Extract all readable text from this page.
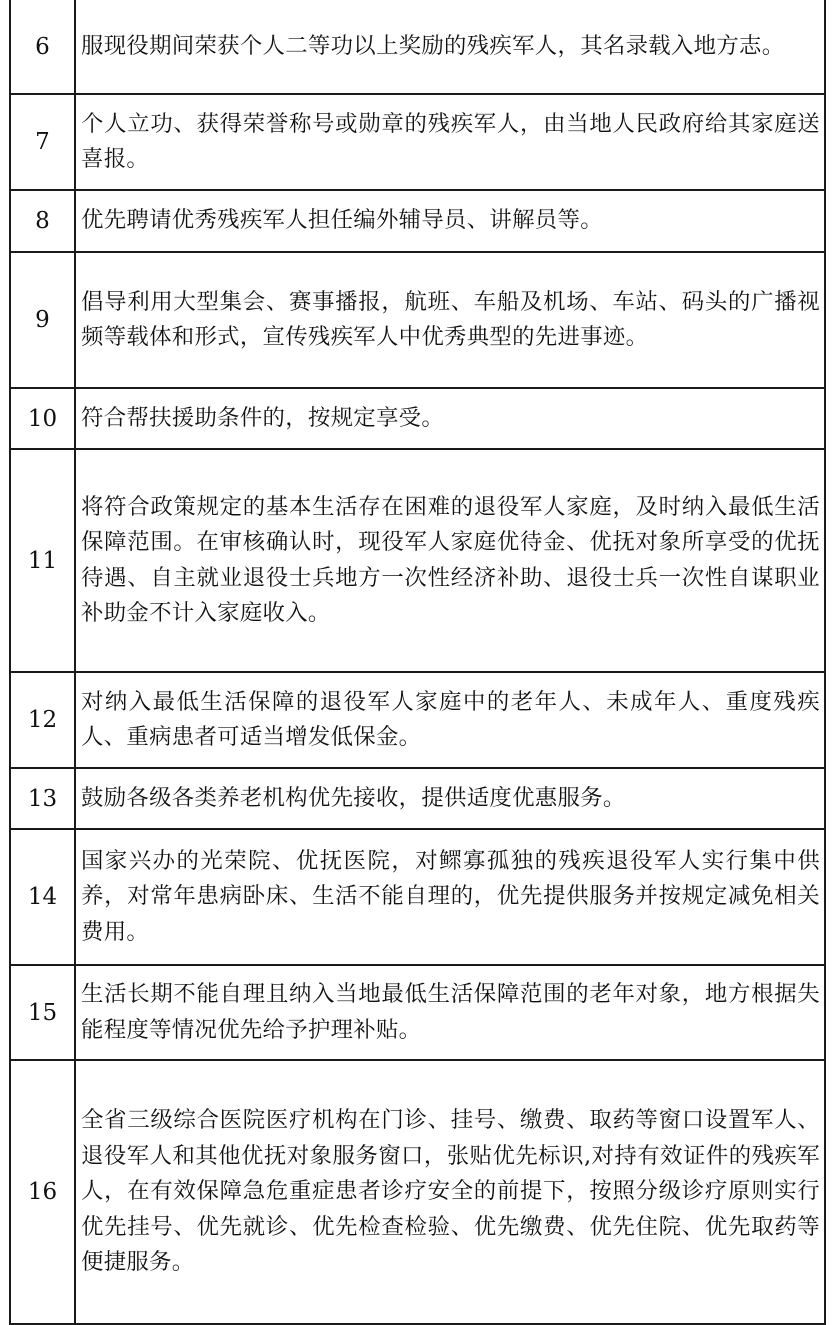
6	服现役期间荣获个人二等功以上奖励的残疾军人，其名录载入地方志。
7	个人立功、获得荣誉称号或勋章的残疾军人，由当地人民政府给其家庭送喜报。
8	优先聘请优秀残疾军人担任编外辅导员、讲解员等。
9	倡导利用大型集会、赛事播报，航班、车船及机场、车站、码头的广播视频等载体和形式，宣传残疾军人中优秀典型的先进事迹。
10	符合帮扶援助条件的，按规定享受。
11	将符合政策规定的基本生活存在困难的退役军人家庭，及时纳入最低生活保障范围。在审核确认时，现役军人家庭优待金、优抚对象所享受的优抚待遇、自主就业退役士兵地方一次性经济补助、退役士兵一次性自谋职业补助金不计入家庭收入。
12	对纳入最低生活保障的退役军人家庭中的老年人、未成年人、重度残疾人、重病患者可适当增发低保金。
13	鼓励各级各类养老机构优先接收，提供适度优惠服务。
14	国家兴办的光荣院、优抚医院，对鳏寡孤独的残疾退役军人实行集中供养，对常年患病卧床、生活不能自理的，优先提供服务并按规定减免相关费用。
15	生活长期不能自理且纳入当地最低生活保障范围的老年对象，地方根据失能程度等情况优先给予护理补贴。
16	全省三级综合医院医疗机构在门诊、挂号、缴费、取药等窗口设置军人、退役军人和其他优抚对象服务窗口，张贴优先标识,对持有效证件的残疾军人，在有效保障急危重症患者诊疗安全的前提下，按照分级诊疗原则实行优先挂号、优先就诊、优先检查检验、优先缴费、优先住院、优先取药等便捷服务。
